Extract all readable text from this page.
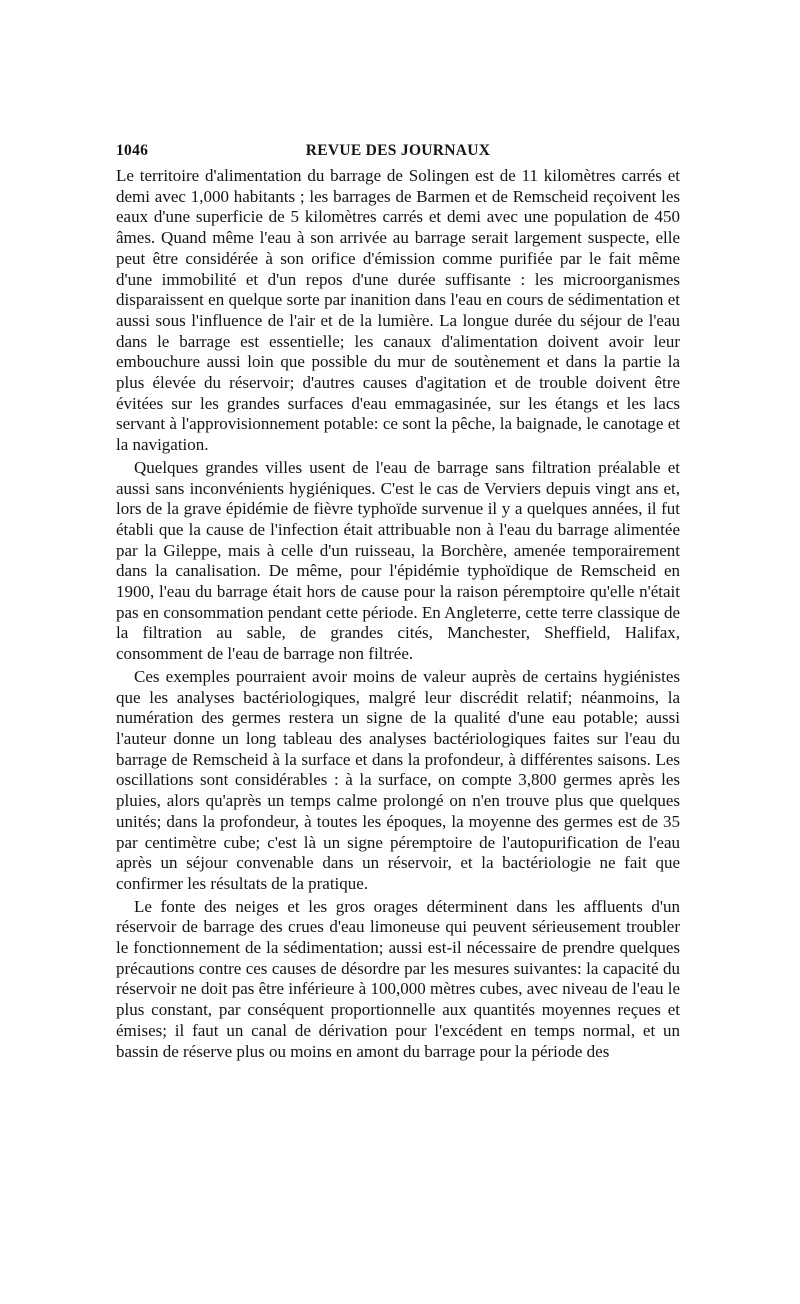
1046	REVUE DES JOURNAUX

Le territoire d'alimentation du barrage de Solingen est de 11 kilomètres carrés et demi avec 1,000 habitants ; les barrages de Barmen et de Remscheid reçoivent les eaux d'une superficie de 5 kilomètres carrés et demi avec une population de 450 âmes. Quand même l'eau à son arrivée au barrage serait largement suspecte, elle peut être considérée à son orifice d'émission comme purifiée par le fait même d'une immobilité et d'un repos d'une durée suffisante : les microorganismes disparaissent en quelque sorte par inanition dans l'eau en cours de sédimentation et aussi sous l'influence de l'air et de la lumière. La longue durée du séjour de l'eau dans le barrage est essentielle; les canaux d'alimentation doivent avoir leur embouchure aussi loin que possible du mur de soutènement et dans la partie la plus élevée du réservoir; d'autres causes d'agitation et de trouble doivent être évitées sur les grandes surfaces d'eau emmagasinée, sur les étangs et les lacs servant à l'approvisionnement potable: ce sont la pêche, la baignade, le canotage et la navigation.

Quelques grandes villes usent de l'eau de barrage sans filtration préalable et aussi sans inconvénients hygiéniques. C'est le cas de Verviers depuis vingt ans et, lors de la grave épidémie de fièvre typhoïde survenue il y a quelques années, il fut établi que la cause de l'infection était attribuable non à l'eau du barrage alimentée par la Gileppe, mais à celle d'un ruisseau, la Borchère, amenée temporairement dans la canalisation. De même, pour l'épidémie typhoïdique de Remscheid en 1900, l'eau du barrage était hors de cause pour la raison péremptoire qu'elle n'était pas en consommation pendant cette période. En Angleterre, cette terre classique de la filtration au sable, de grandes cités, Manchester, Sheffield, Halifax, consomment de l'eau de barrage non filtrée.

Ces exemples pourraient avoir moins de valeur auprès de certains hygiénistes que les analyses bactériologiques, malgré leur discrédit relatif; néanmoins, la numération des germes restera un signe de la qualité d'une eau potable; aussi l'auteur donne un long tableau des analyses bactériologiques faites sur l'eau du barrage de Remscheid à la surface et dans la profondeur, à différentes saisons. Les oscillations sont considérables : à la surface, on compte 3,800 germes après les pluies, alors qu'après un temps calme prolongé on n'en trouve plus que quelques unités; dans la profondeur, à toutes les époques, la moyenne des germes est de 35 par centimètre cube; c'est là un signe péremptoire de l'autopurification de l'eau après un séjour convenable dans un réservoir, et la bactériologie ne fait que confirmer les résultats de la pratique.

Le fonte des neiges et les gros orages déterminent dans les affluents d'un réservoir de barrage des crues d'eau limoneuse qui peuvent sérieusement troubler le fonctionnement de la sédimentation; aussi est-il nécessaire de prendre quelques précautions contre ces causes de désordre par les mesures suivantes: la capacité du réservoir ne doit pas être inférieure à 100,000 mètres cubes, avec niveau de l'eau le plus constant, par conséquent proportionnelle aux quantités moyennes reçues et émises; il faut un canal de dérivation pour l'excédent en temps normal, et un bassin de réserve plus ou moins en amont du barrage pour la période des
